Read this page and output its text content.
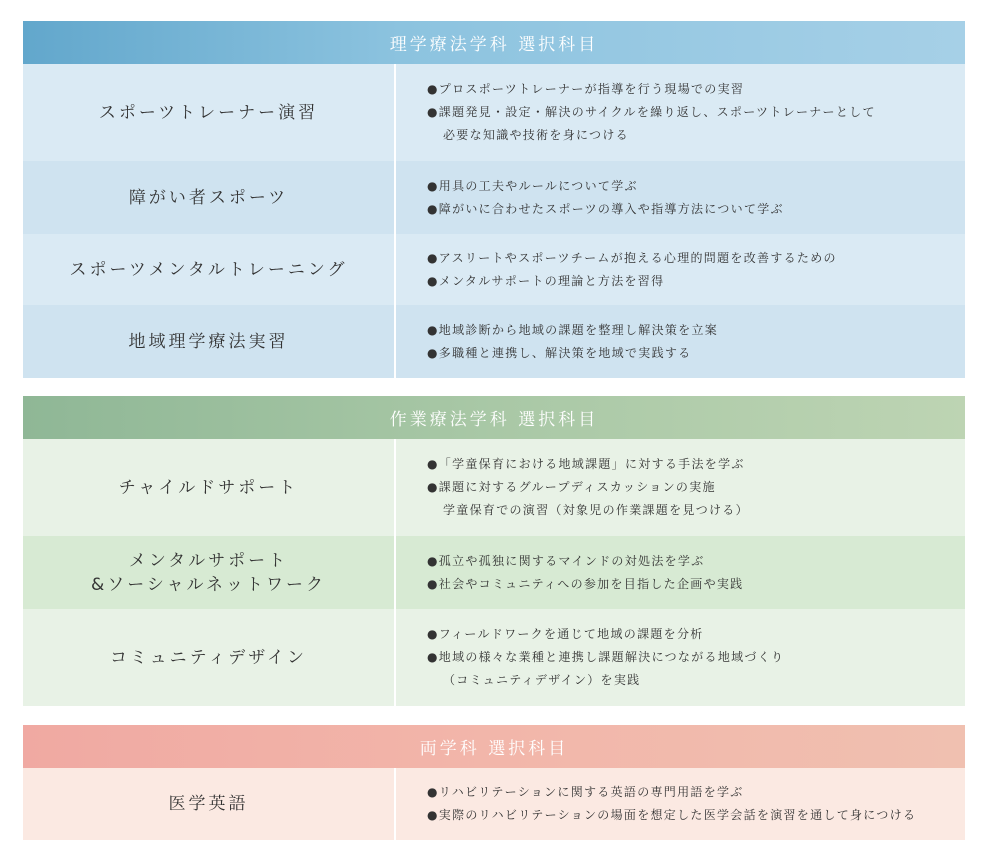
理学療法学科 選択科目
スポーツトレーナー演習
●プロスポーツトレーナーが指導を行う現場での実習
●課題発見・設定・解決のサイクルを繰り返し、スポーツトレーナーとして
必要な知識や技術を身につける
障がい者スポーツ
●用具の工夫やルールについて学ぶ
●障がいに合わせたスポーツの導入や指導方法について学ぶ
スポーツメンタルトレーニング
●アスリートやスポーツチームが抱える心理的問題を改善するための
●メンタルサポートの理論と方法を習得
地域理学療法実習
●地域診断から地域の課題を整理し解決策を立案
●多職種と連携し、解決策を地域で実践する
作業療法学科 選択科目
チャイルドサポート
●「学童保育における地域課題」に対する手法を学ぶ
●課題に対するグループディスカッションの実施
学童保育での演習（対象児の作業課題を見つける）
メンタルサポート
&ソーシャルネットワーク
●孤立や孤独に関するマインドの対処法を学ぶ
●社会やコミュニティへの参加を目指した企画や実践
コミュニティデザイン
●フィールドワークを通じて地域の課題を分析
●地域の様々な業種と連携し課題解決につながる地域づくり
（コミュニティデザイン）を実践
両学科 選択科目
医学英語
●リハビリテーションに関する英語の専門用語を学ぶ
●実際のリハビリテーションの場面を想定した医学会話を演習を通して身につける
